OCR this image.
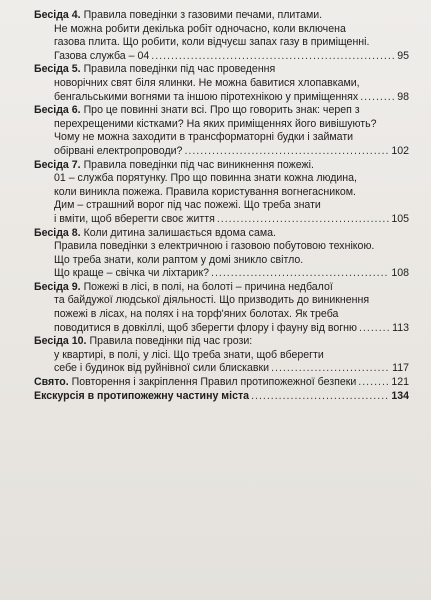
Бесіда 4. Правила поведінки з газовими печами, плитами.
Не можна робити декілька робіт одночасно, коли включена
газова плита. Що робити, коли відчуєш запах газу в приміщенні.
Газова служба – 04 .....	95
Бесіда 5. Правила поведінки під час проведення
новорічних свят біля ялинки. Не можна бавитися хлопавками,
бенгальськими вогнями та іншою піротехнікою у приміщеннях .....	98
Бесіда 6. Про це повинні знати всі. Про що говорить знак: череп з
перехрещеними кістками? На яких приміщеннях його вивішують?
Чому не можна заходити в трансформаторні будки і займати
обірвані електропроводи? .....	102
Бесіда 7. Правила поведінки під час виникнення пожежі.
01 – служба порятунку. Про що повинна знати кожна людина,
коли виникла пожежа. Правила користування вогнегасником.
Дим – страшний ворог під час пожежі. Що треба знати
і вміти, щоб вберегти своє життя .....	105
Бесіда 8. Коли дитина залишається вдома сама.
Правила поведінки з електричною і газовою побутовою технікою.
Що треба знати, коли раптом у домі зникло світло.
Що краще – свічка чи ліхтарик? .....	108
Бесіда 9. Пожежі в лісі, в полі, на болоті – причина недбалої
та байдужої людської діяльності. Що призводить до виникнення
пожежі в лісах, на полях і на торф'яних болотах. Як треба
поводитися в довкіллі, щоб зберегти флору і фауну від вогню .....	113
Бесіда 10. Правила поведінки під час грози:
у квартирі, в полі, у лісі. Що треба знати, щоб вберегти
себе і будинок від руйнівної сили блискавки .....	117
Свято. Повторення і закріплення Правил протипожежної безпеки .....	121
Екскурсія в протипожежну частину міста .....	134
